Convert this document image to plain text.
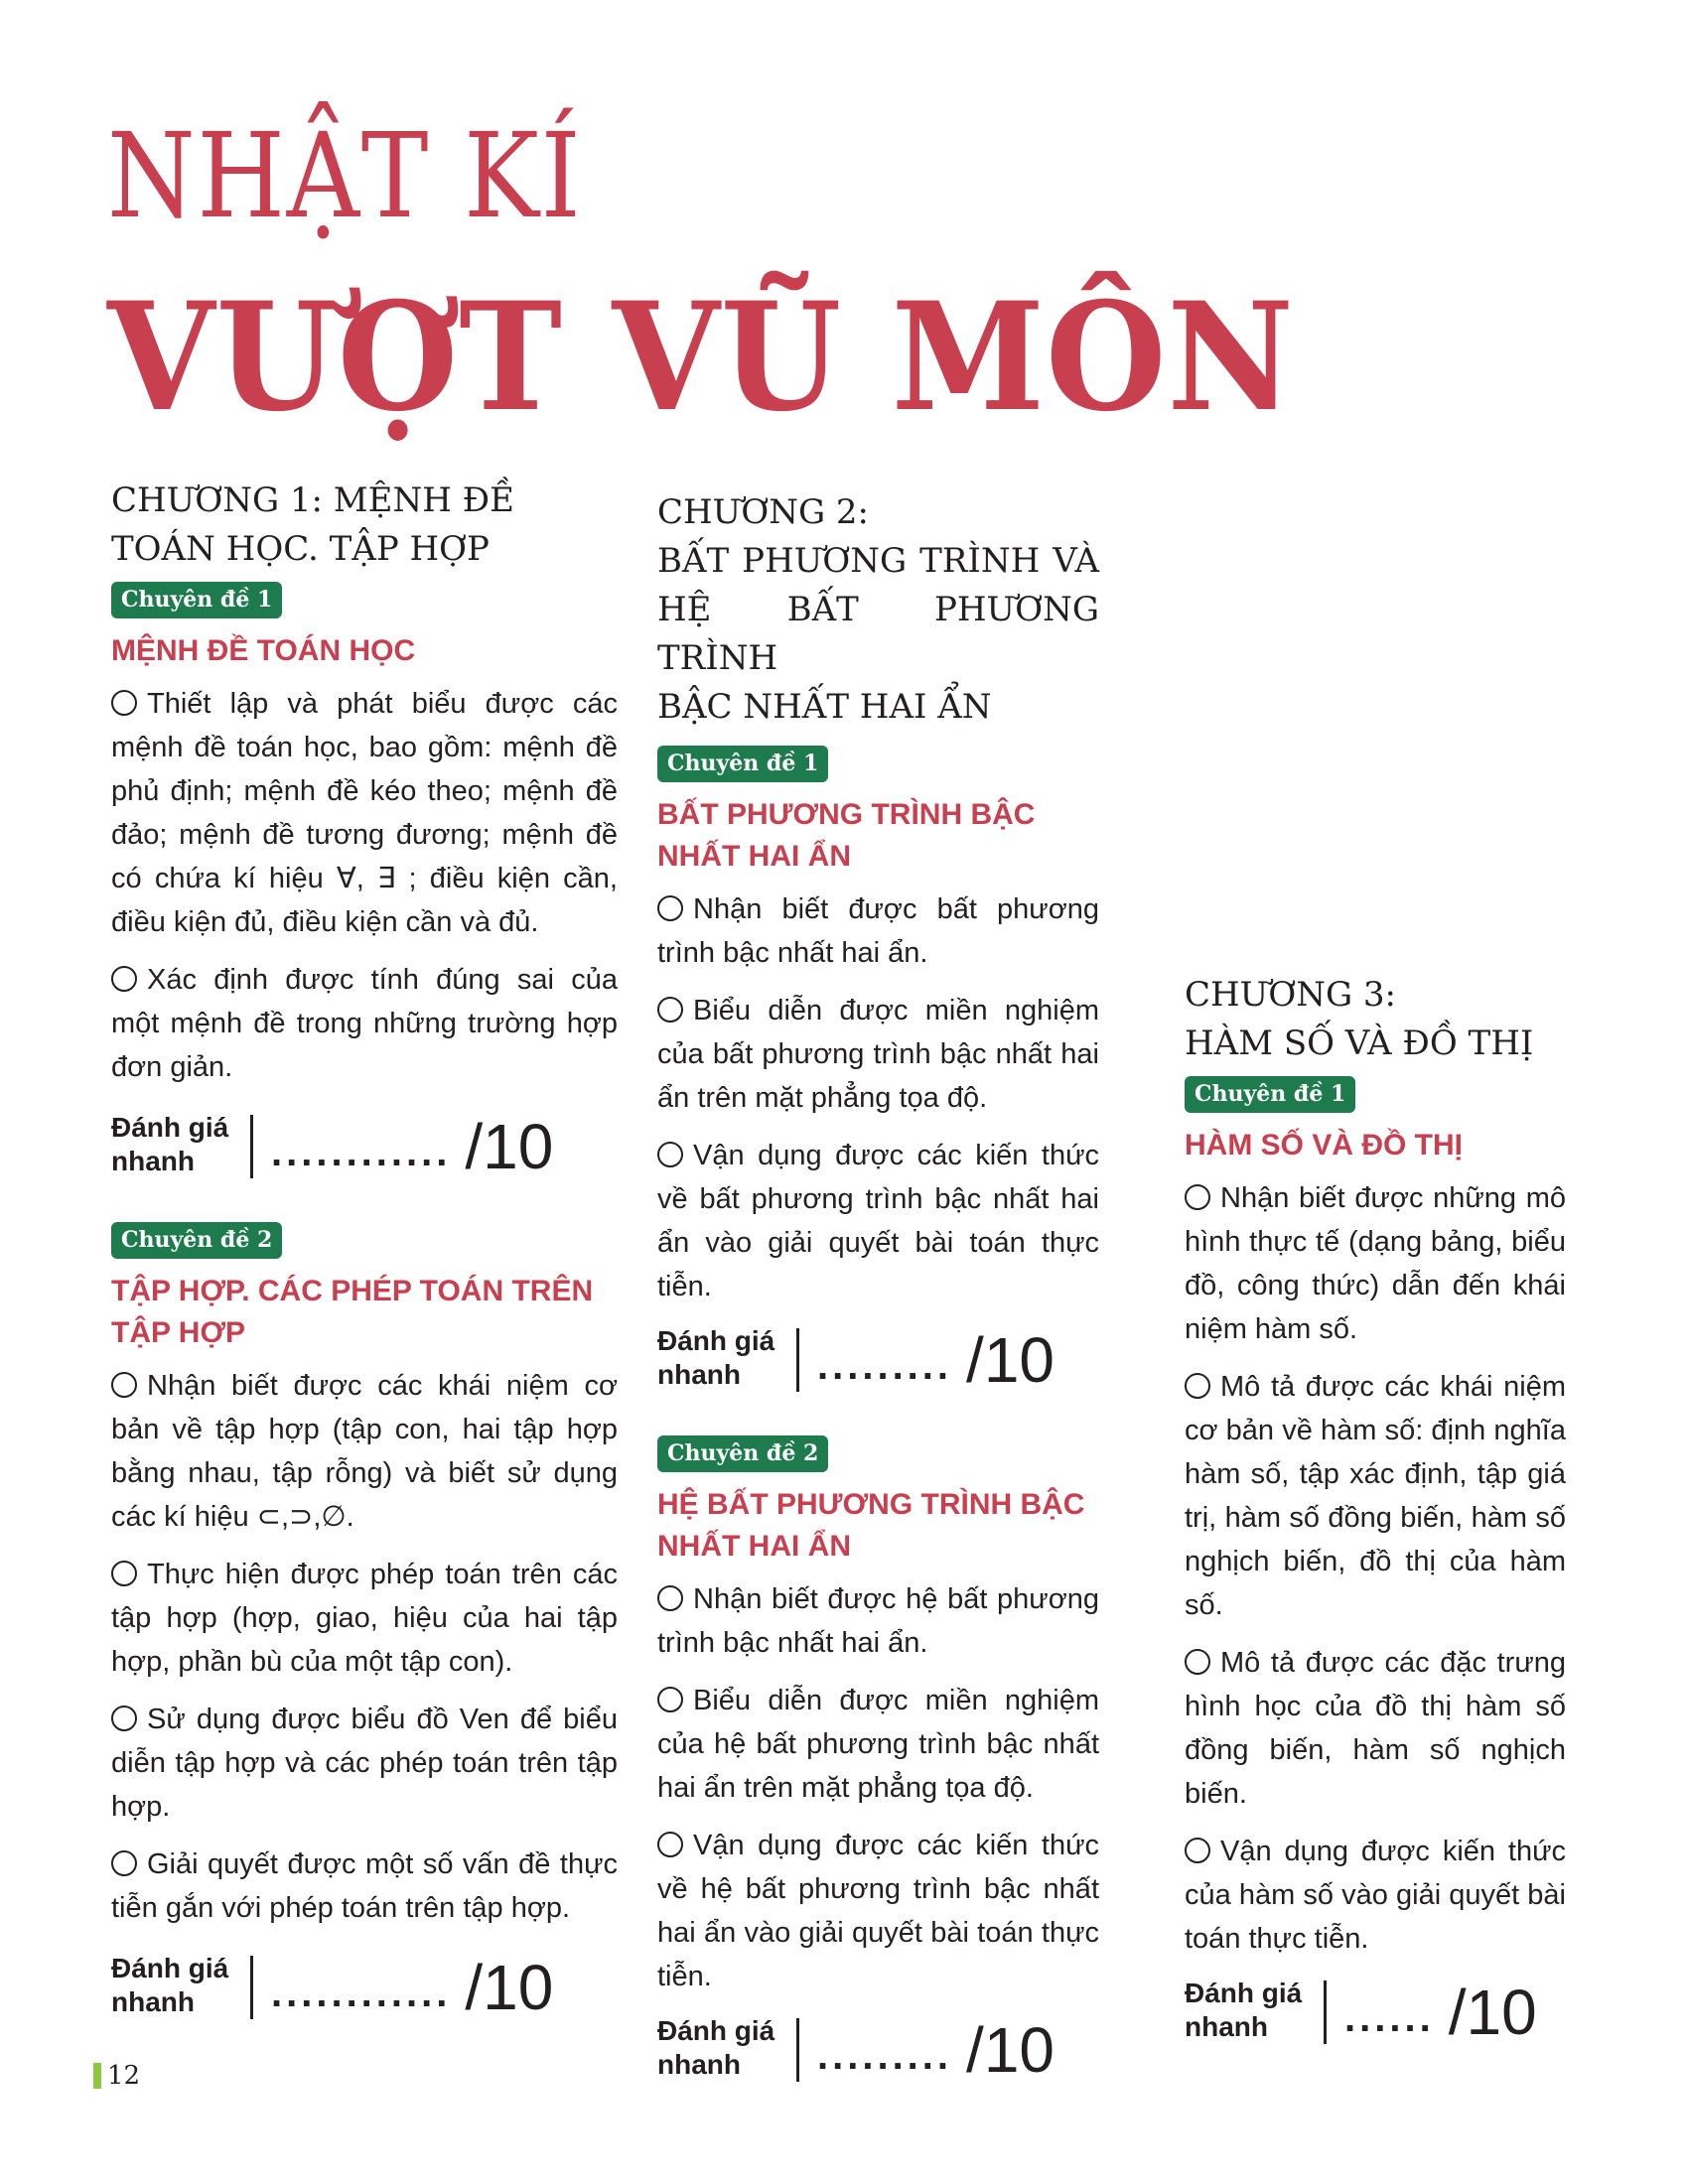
NHẬT KÍ
VƯỢT VŨ MÔN
CHƯƠNG 1: MỆNH ĐỀ
TOÁN HỌC. TẬP HỢP
Chuyên đề 1
MỆNH ĐỀ TOÁN HỌC
Thiết lập và phát biểu được các mệnh đề toán học, bao gồm: mệnh đề phủ định; mệnh đề kéo theo; mệnh đề đảo; mệnh đề tương đương; mệnh đề có chứa kí hiệu ∀, ∃ ; điều kiện cần, điều kiện đủ, điều kiện cần và đủ.
Xác định được tính đúng sai của một mệnh đề trong những trường hợp đơn giản.
Đánh giá
nhanh	............ /10
Chuyên đề 2
TẬP HỢP. CÁC PHÉP TOÁN TRÊN TẬP HỢP
Nhận biết được các khái niệm cơ bản về tập hợp (tập con, hai tập hợp bằng nhau, tập rỗng) và biết sử dụng các kí hiệu ⊂,⊃,∅.
Thực hiện được phép toán trên các tập hợp (hợp, giao, hiệu của hai tập hợp, phần bù của một tập con).
Sử dụng được biểu đồ Ven để biểu diễn tập hợp và các phép toán trên tập hợp.
Giải quyết được một số vấn đề thực tiễn gắn với phép toán trên tập hợp.
Đánh giá
nhanh	............ /10
CHƯƠNG 2:
BẤT PHƯƠNG TRÌNH VÀ
HỆ BẤT PHƯƠNG TRÌNH
BẬC NHẤT HAI ẨN
Chuyên đề 1
BẤT PHƯƠNG TRÌNH BẬC NHẤT HAI ẨN
Nhận biết được bất phương trình bậc nhất hai ẩn.
Biểu diễn được miền nghiệm của bất phương trình bậc nhất hai ẩn trên mặt phẳng tọa độ.
Vận dụng được các kiến thức về bất phương trình bậc nhất hai ẩn vào giải quyết bài toán thực tiễn.
Đánh giá
nhanh	......... /10
Chuyên đề 2
HỆ BẤT PHƯƠNG TRÌNH BẬC NHẤT HAI ẨN
Nhận biết được hệ bất phương trình bậc nhất hai ẩn.
Biểu diễn được miền nghiệm của hệ bất phương trình bậc nhất hai ẩn trên mặt phẳng tọa độ.
Vận dụng được các kiến thức về hệ bất phương trình bậc nhất hai ẩn vào giải quyết bài toán thực tiễn.
Đánh giá
nhanh	......... /10
CHƯƠNG 3:
HÀM SỐ VÀ ĐỒ THỊ
Chuyên đề 1
HÀM SỐ VÀ ĐỒ THỊ
Nhận biết được những mô hình thực tế (dạng bảng, biểu đồ, công thức) dẫn đến khái niệm hàm số.
Mô tả được các khái niệm cơ bản về hàm số: định nghĩa hàm số, tập xác định, tập giá trị, hàm số đồng biến, hàm số nghịch biến, đồ thị của hàm số.
Mô tả được các đặc trưng hình học của đồ thị hàm số đồng biến, hàm số nghịch biến.
Vận dụng được kiến thức của hàm số vào giải quyết bài toán thực tiễn.
Đánh giá
nhanh	...... /10
12
